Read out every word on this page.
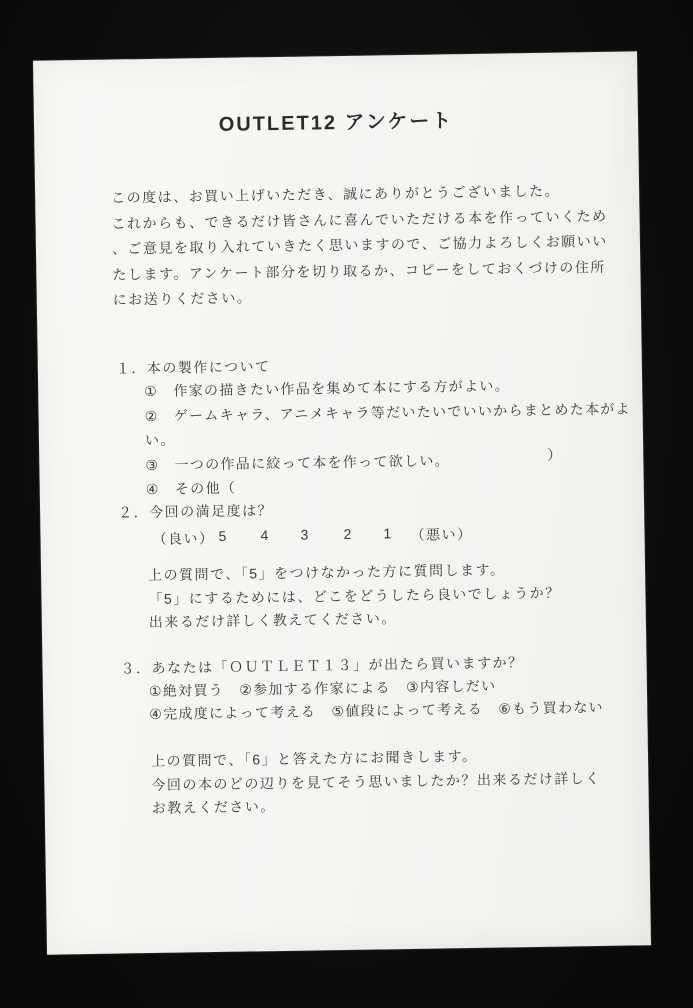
OUTLET12 アンケート
この度は、お買い上げいただき、誠にありがとうございました。
これからも、できるだけ皆さんに喜んでいただける本を作っていくため
、ご意見を取り入れていきたく思いますので、ご協力よろしくお願いい
たします。アンケート部分を切り取るか、コピーをしておくづけの住所
にお送りください。
１．本の製作について
①　作家の描きたい作品を集めて本にする方がよい。
②　ゲームキャラ、アニメキャラ等だいたいでいいからまとめた本がよい。
③　一つの作品に絞って本を作って欲しい。
④　その他（
）
２．今回の満足度は？
（良い） 5 4 3 2 1 （悪い）
上の質問で、「5」をつけなかった方に質問します。
「5」にするためには、どこをどうしたら良いでしょうか？
出来るだけ詳しく教えてください。
３．あなたは「ＯＵＴＬＥＴ１３」が出たら買いますか？
①絶対買う　②参加する作家による　③内容しだい
④完成度によって考える　⑤値段によって考える　⑥もう買わない
上の質問で、「6」と答えた方にお聞きします。
今回の本のどの辺りを見てそう思いましたか？出来るだけ詳しく
お教えください。
